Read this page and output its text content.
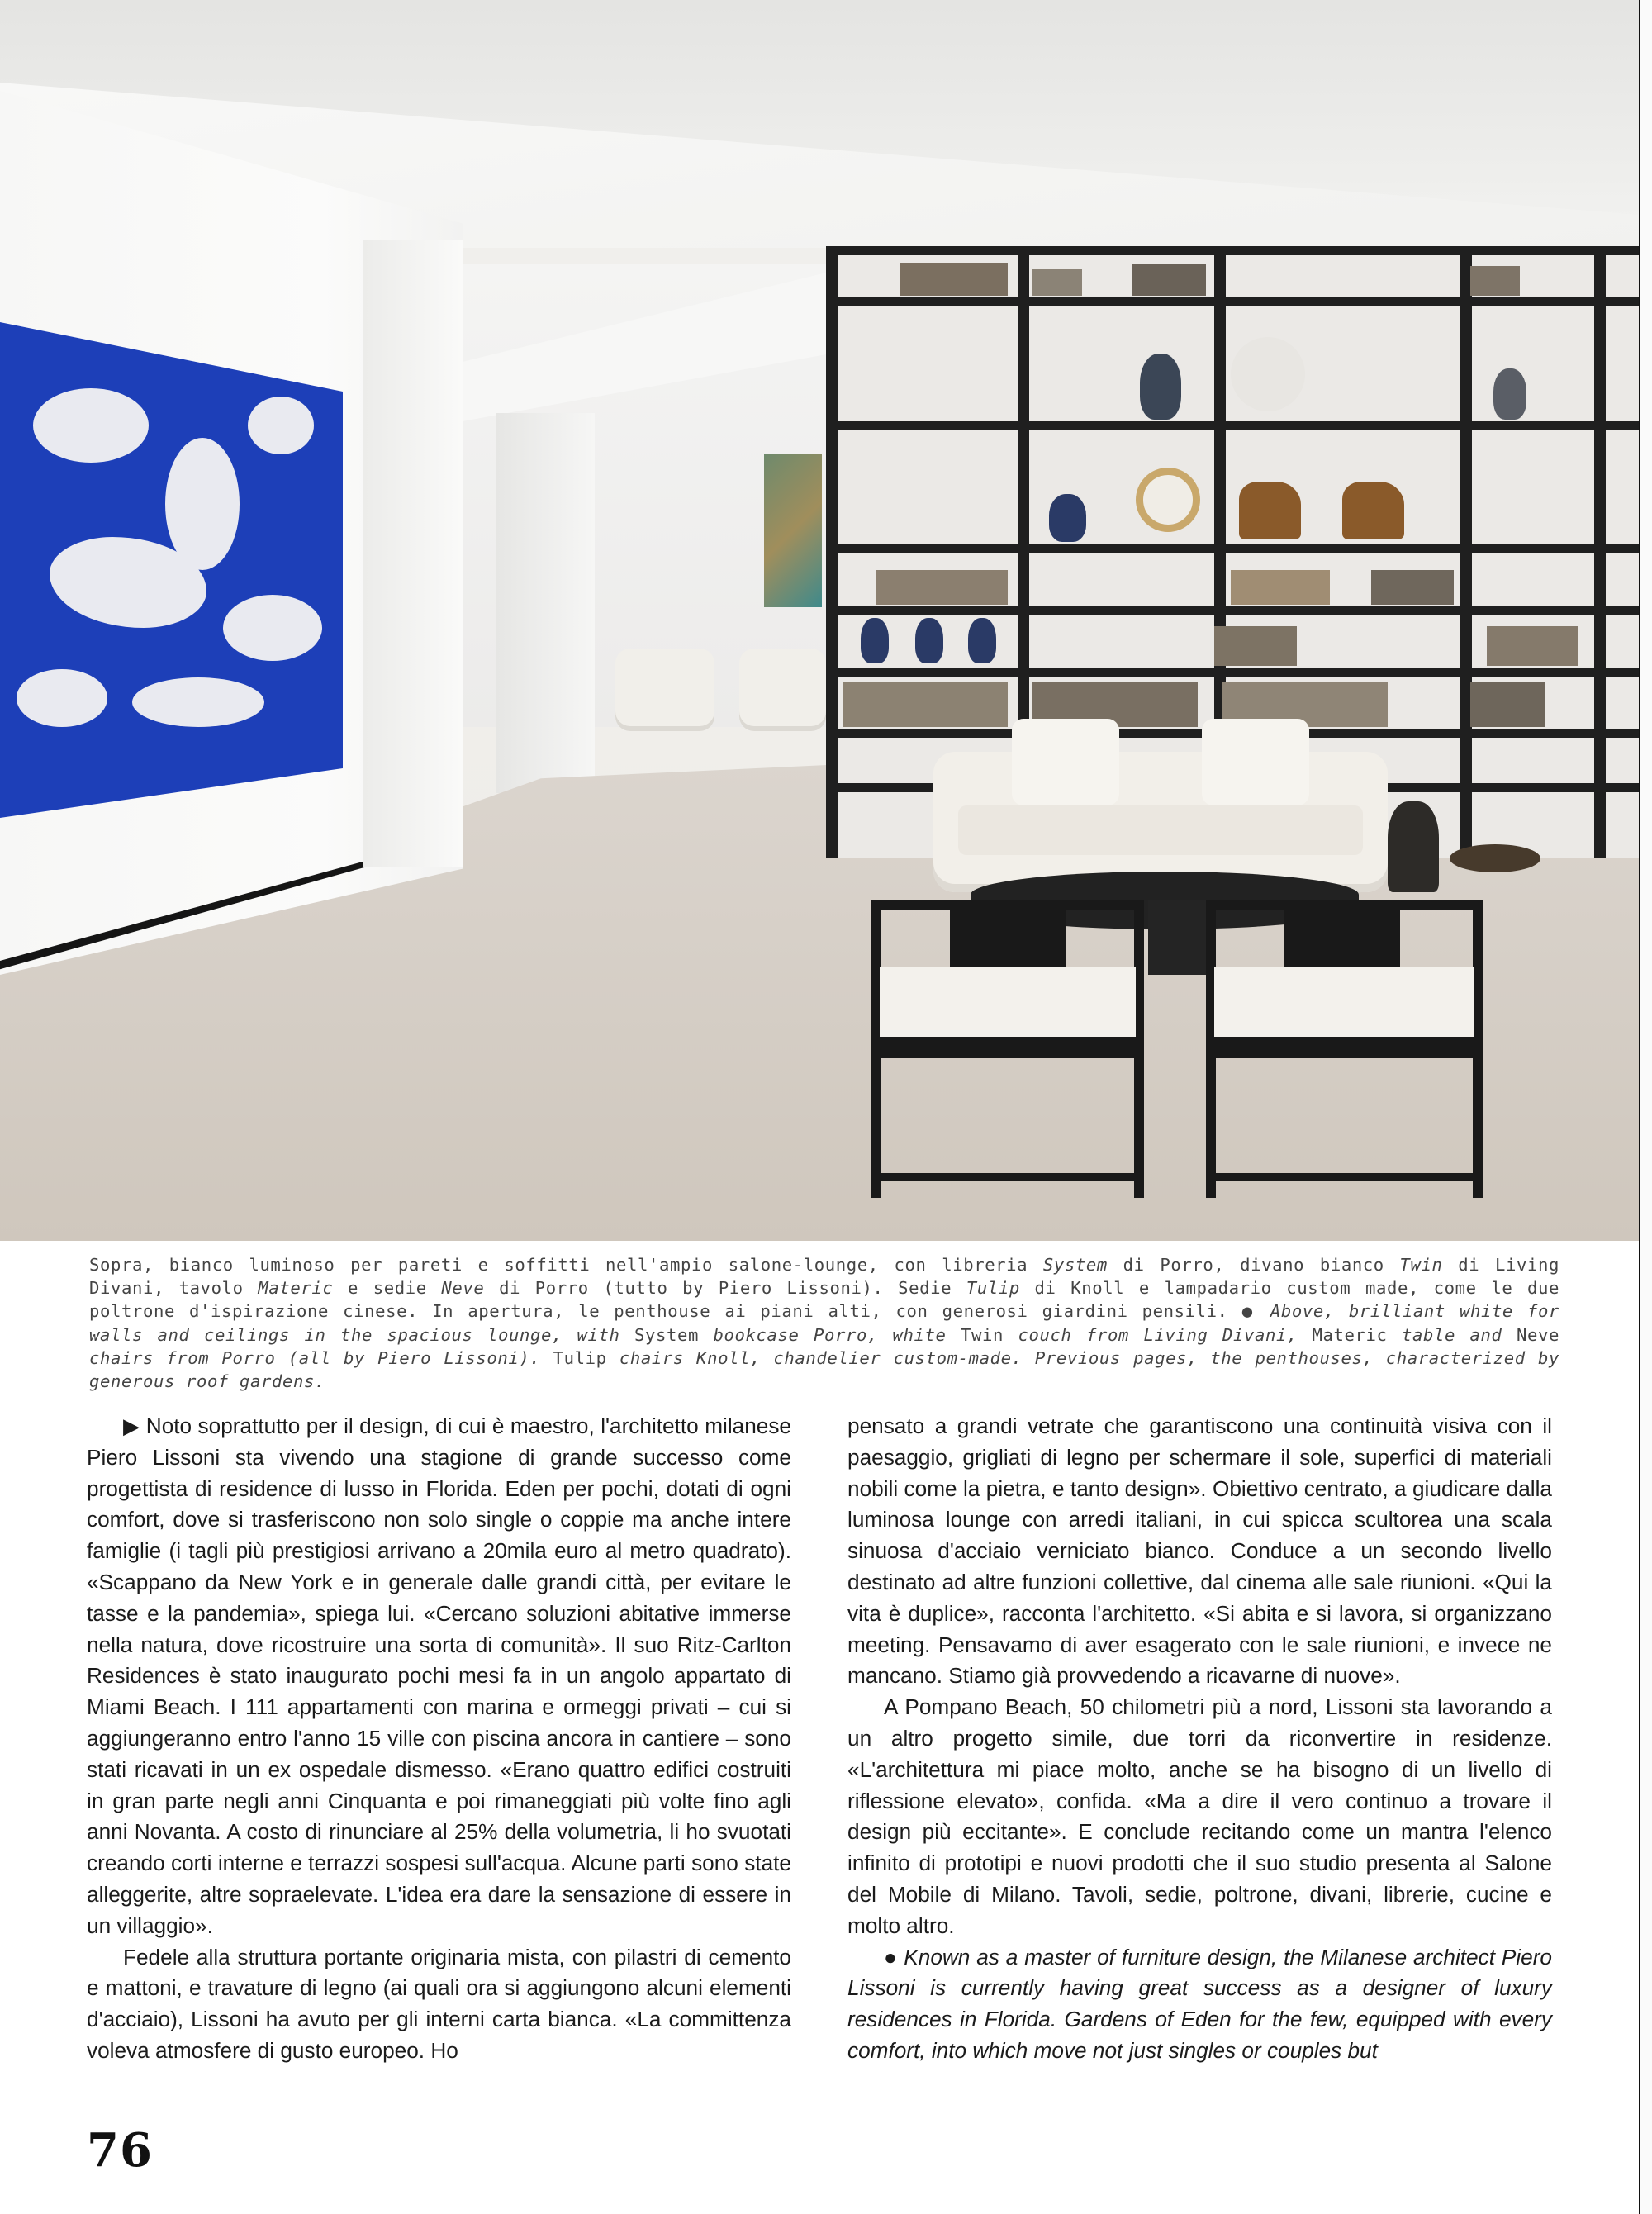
Sopra, bianco luminoso per pareti e soffitti nell'ampio salone-lounge, con libreria System di Porro, divano bianco Twin di Living Divani, tavolo Materic e sedie Neve di Porro (tutto by Piero Lissoni). Sedie Tulip di Knoll e lampadario custom made, come le due poltrone d'ispirazione cinese. In apertura, le penthouse ai piani alti, con generosi giardini pensili. ● Above, brilliant white for walls and ceilings in the spacious lounge, with System bookcase Porro, white Twin couch from Living Divani, Materic table and Neve chairs from Porro (all by Piero Lissoni). Tulip chairs Knoll, chandelier custom-made. Previous pages, the penthouses, characterized by generous roof gardens.

▶ Noto soprattutto per il design, di cui è maestro, l'architetto milanese Piero Lissoni sta vivendo una stagione di grande successo come progettista di residence di lusso in Florida. Eden per pochi, dotati di ogni comfort, dove si trasferiscono non solo single o coppie ma anche intere famiglie (i tagli più prestigiosi arrivano a 20mila euro al metro quadrato). «Scappano da New York e in generale dalle grandi città, per evitare le tasse e la pandemia», spiega lui. «Cercano soluzioni abitative immerse nella natura, dove ricostruire una sorta di comunità». Il suo Ritz-Carlton Residences è stato inaugurato pochi mesi fa in un angolo appartato di Miami Beach. I 111 appartamenti con marina e ormeggi privati – cui si aggiungeranno entro l'anno 15 ville con piscina ancora in cantiere – sono stati ricavati in un ex ospedale dismesso. «Erano quattro edifici costruiti in gran parte negli anni Cinquanta e poi rimaneggiati più volte fino agli anni Novanta. A costo di rinunciare al 25% della volumetria, li ho svuotati creando corti interne e terrazzi sospesi sull'acqua. Alcune parti sono state alleggerite, altre sopraelevate. L'idea era dare la sensazione di essere in un villaggio».

Fedele alla struttura portante originaria mista, con pilastri di cemento e mattoni, e travature di legno (ai quali ora si aggiungono alcuni elementi d'acciaio), Lissoni ha avuto per gli interni carta bianca. «La committenza voleva atmosfere di gusto europeo. Ho

pensato a grandi vetrate che garantiscono una continuità visiva con il paesaggio, grigliati di legno per schermare il sole, superfici di materiali nobili come la pietra, e tanto design». Obiettivo centrato, a giudicare dalla luminosa lounge con arredi italiani, in cui spicca scultorea una scala sinuosa d'acciaio verniciato bianco. Conduce a un secondo livello destinato ad altre funzioni collettive, dal cinema alle sale riunioni. «Qui la vita è duplice», racconta l'architetto. «Si abita e si lavora, si organizzano meeting. Pensavamo di aver esagerato con le sale riunioni, e invece ne mancano. Stiamo già provvedendo a ricavarne di nuove».

A Pompano Beach, 50 chilometri più a nord, Lissoni sta lavorando a un altro progetto simile, due torri da riconvertire in residenze. «L'architettura mi piace molto, anche se ha bisogno di un livello di riflessione elevato», confida. «Ma a dire il vero continuo a trovare il design più eccitante». E conclude recitando come un mantra l'elenco infinito di prototipi e nuovi prodotti che il suo studio presenta al Salone del Mobile di Milano. Tavoli, sedie, poltrone, divani, librerie, cucine e molto altro.

● Known as a master of furniture design, the Milanese architect Piero Lissoni is currently having great success as a designer of luxury residences in Florida. Gardens of Eden for the few, equipped with every comfort, into which move not just singles or couples but

76
